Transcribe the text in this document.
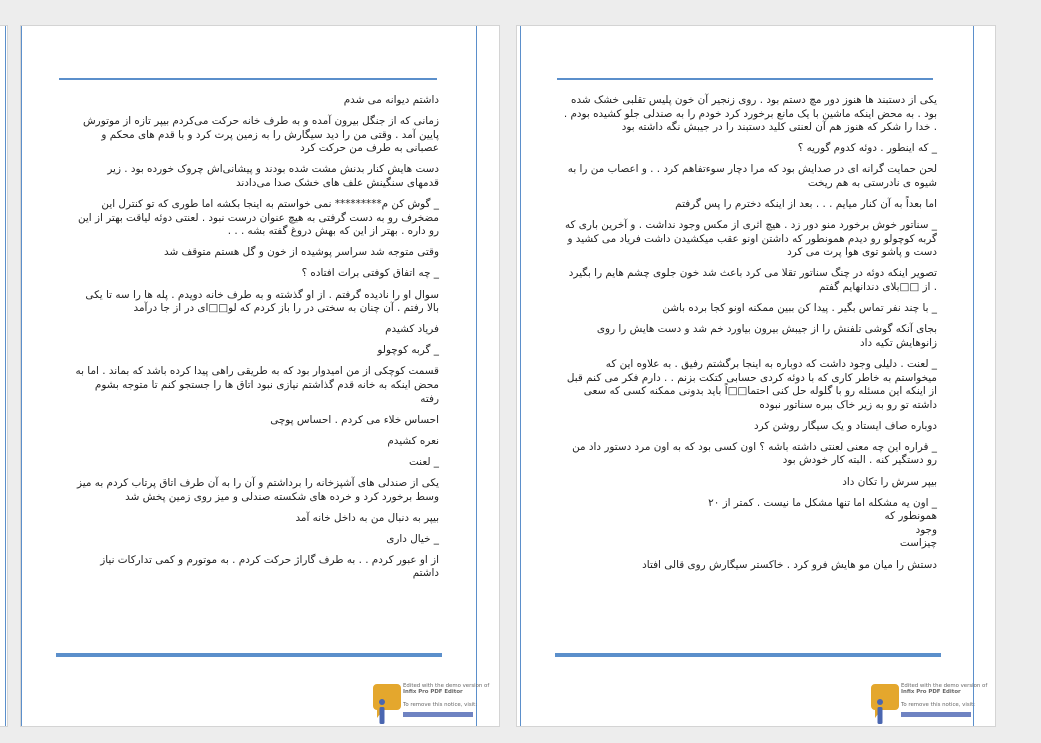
داشتم دیوانه می شدم

زمانی که از جنگل بیرون آمده و به طرف خانه حرکت می‌کردم بیپر تازه از موتورش پایین آمد . وقتی من را دید سیگارش را به زمین پرت کرد و با قدم های محکم و عصبانی به طرف من حرکت کرد

دست هایش کنار بدنش مشت شده بودند و پیشانی‌اش چروک خورده بود . زیر قدمهای سنگینش علف های خشک صدا می‌دادند

_ گوش کن م********* نمی خواستم به اینجا بکشه اما طوری که تو کنترل این مضخرف رو به دست گرفتی به هیچ عنوان درست نبود . لعنتی دوئه لیاقت بهتر از این رو داره . بهتر از این که بهش دروغ گفته بشه . . .

وقتی متوجه شد سراسر پوشیده از خون و گل هستم متوقف شد

_ چه اتفاق کوفتی برات افتاده ؟

سوال او را نادیده گرفتم . از او گذشته و به طرف خانه دویدم . پله ها را سه تا یکی بالا رفتم . آن چنان به سختی در را باز کردم که لو□□ای در از جا درآمد

فریاد کشیدم

_ گربه کوچولو

قسمت کوچکی از من امیدوار بود که به طریقی راهی پیدا کرده باشد که بماند . اما به محض اینکه به خانه قدم گذاشتم نیازی نبود اتاق ها را جستجو کنم تا متوجه بشوم رفته

احساس خلاء می کردم . احساس پوچی

نعره کشیدم

_ لعنت

یکی از صندلی های آشپزخانه را برداشتم و آن را به آن طرف اتاق پرتاب کردم به میز وسط برخورد کرد و خرده های شکسته صندلی و میز روی زمین پخش شد

بیپر به دنبال من به داخل خانه آمد

_ خیال داری

از او عبور کردم . . به طرف گاراژ حرکت کردم . به موتورم و کمی تدارکات نیاز داشتم

Edited with the demo version of
Infix Pro PDF Editor

To remove this notice, visit:

یکی از دستبند ها هنوز دور مچ دستم بود . روی زنجیر آن خون پلیس تقلبی خشک شده بود . به محض اینکه ماشین با یک مانع برخورد کرد خودم را به صندلی جلو کشیده بودم . . خدا را شکر که هنوز هم آن لعنتی کلید دستبند را در جیبش نگه داشته بود

_ که اینطور . دوئه کدوم گوریه ؟

لحن حمایت گرانه ای در صدایش بود که مرا دچار سوءتفاهم کرد . . و اعصاب من را به شیوه ی نادرستی به هم ریخت

اما بعداً به آن کنار میایم . . . بعد از اینکه دخترم را پس گرفتم

_ سناتور خوش برخورد منو دور زد . هیچ اثری از مکس وجود نداشت . و آخرین باری که گربه کوچولو رو دیدم همونطور که داشتن اونو عقب میکشیدن داشت فریاد می کشید و دست و پاشو توی هوا پرت می کرد

تصویر اینکه دوئه در چنگ سناتور تقلا می کرد باعث شد خون جلوی چشم هایم را بگیرد . از □□بلای دندانهایم گفتم

_ با چند نفر تماس بگیر . پیدا کن ببین ممکنه اونو کجا برده باشن

بجای آنکه گوشی تلفنش را از جیبش بیرون بیاورد خم شد و دست هایش را روی زانوهایش تکیه داد

_ لعنت . دلیلی وجود داشت که دوباره به اینجا برگشتم رفیق . به علاوه این که میخواستم به خاطر کاری که با دوئه کردی حسابی کتکت بزنم . . دارم فکر می کنم قبل از اینکه این مسئله رو با گلوله حل کنی احتما□□اً باید بدونی ممکنه کسی که سعی داشته تو رو به زیر خاک ببره سناتور نبوده

دوباره صاف ایستاد و یک سیگار روشن کرد

_ قراره این چه معنی لعنتی داشته باشه ؟ اون کسی بود که به اون مرد دستور داد من رو دستگیر کنه . البته کار خودش بود

بیپر سرش را تکان داد

_ اون یه مشکله اما تنها مشکل ما نیست . کمتر از ۲۰

همونطور که

وجود

چیزاست

دستش را میان مو هایش فرو کرد . خاکستر سیگارش روی قالی افتاد

Edited with the demo version of
Infix Pro PDF Editor

To remove this notice, visit:
